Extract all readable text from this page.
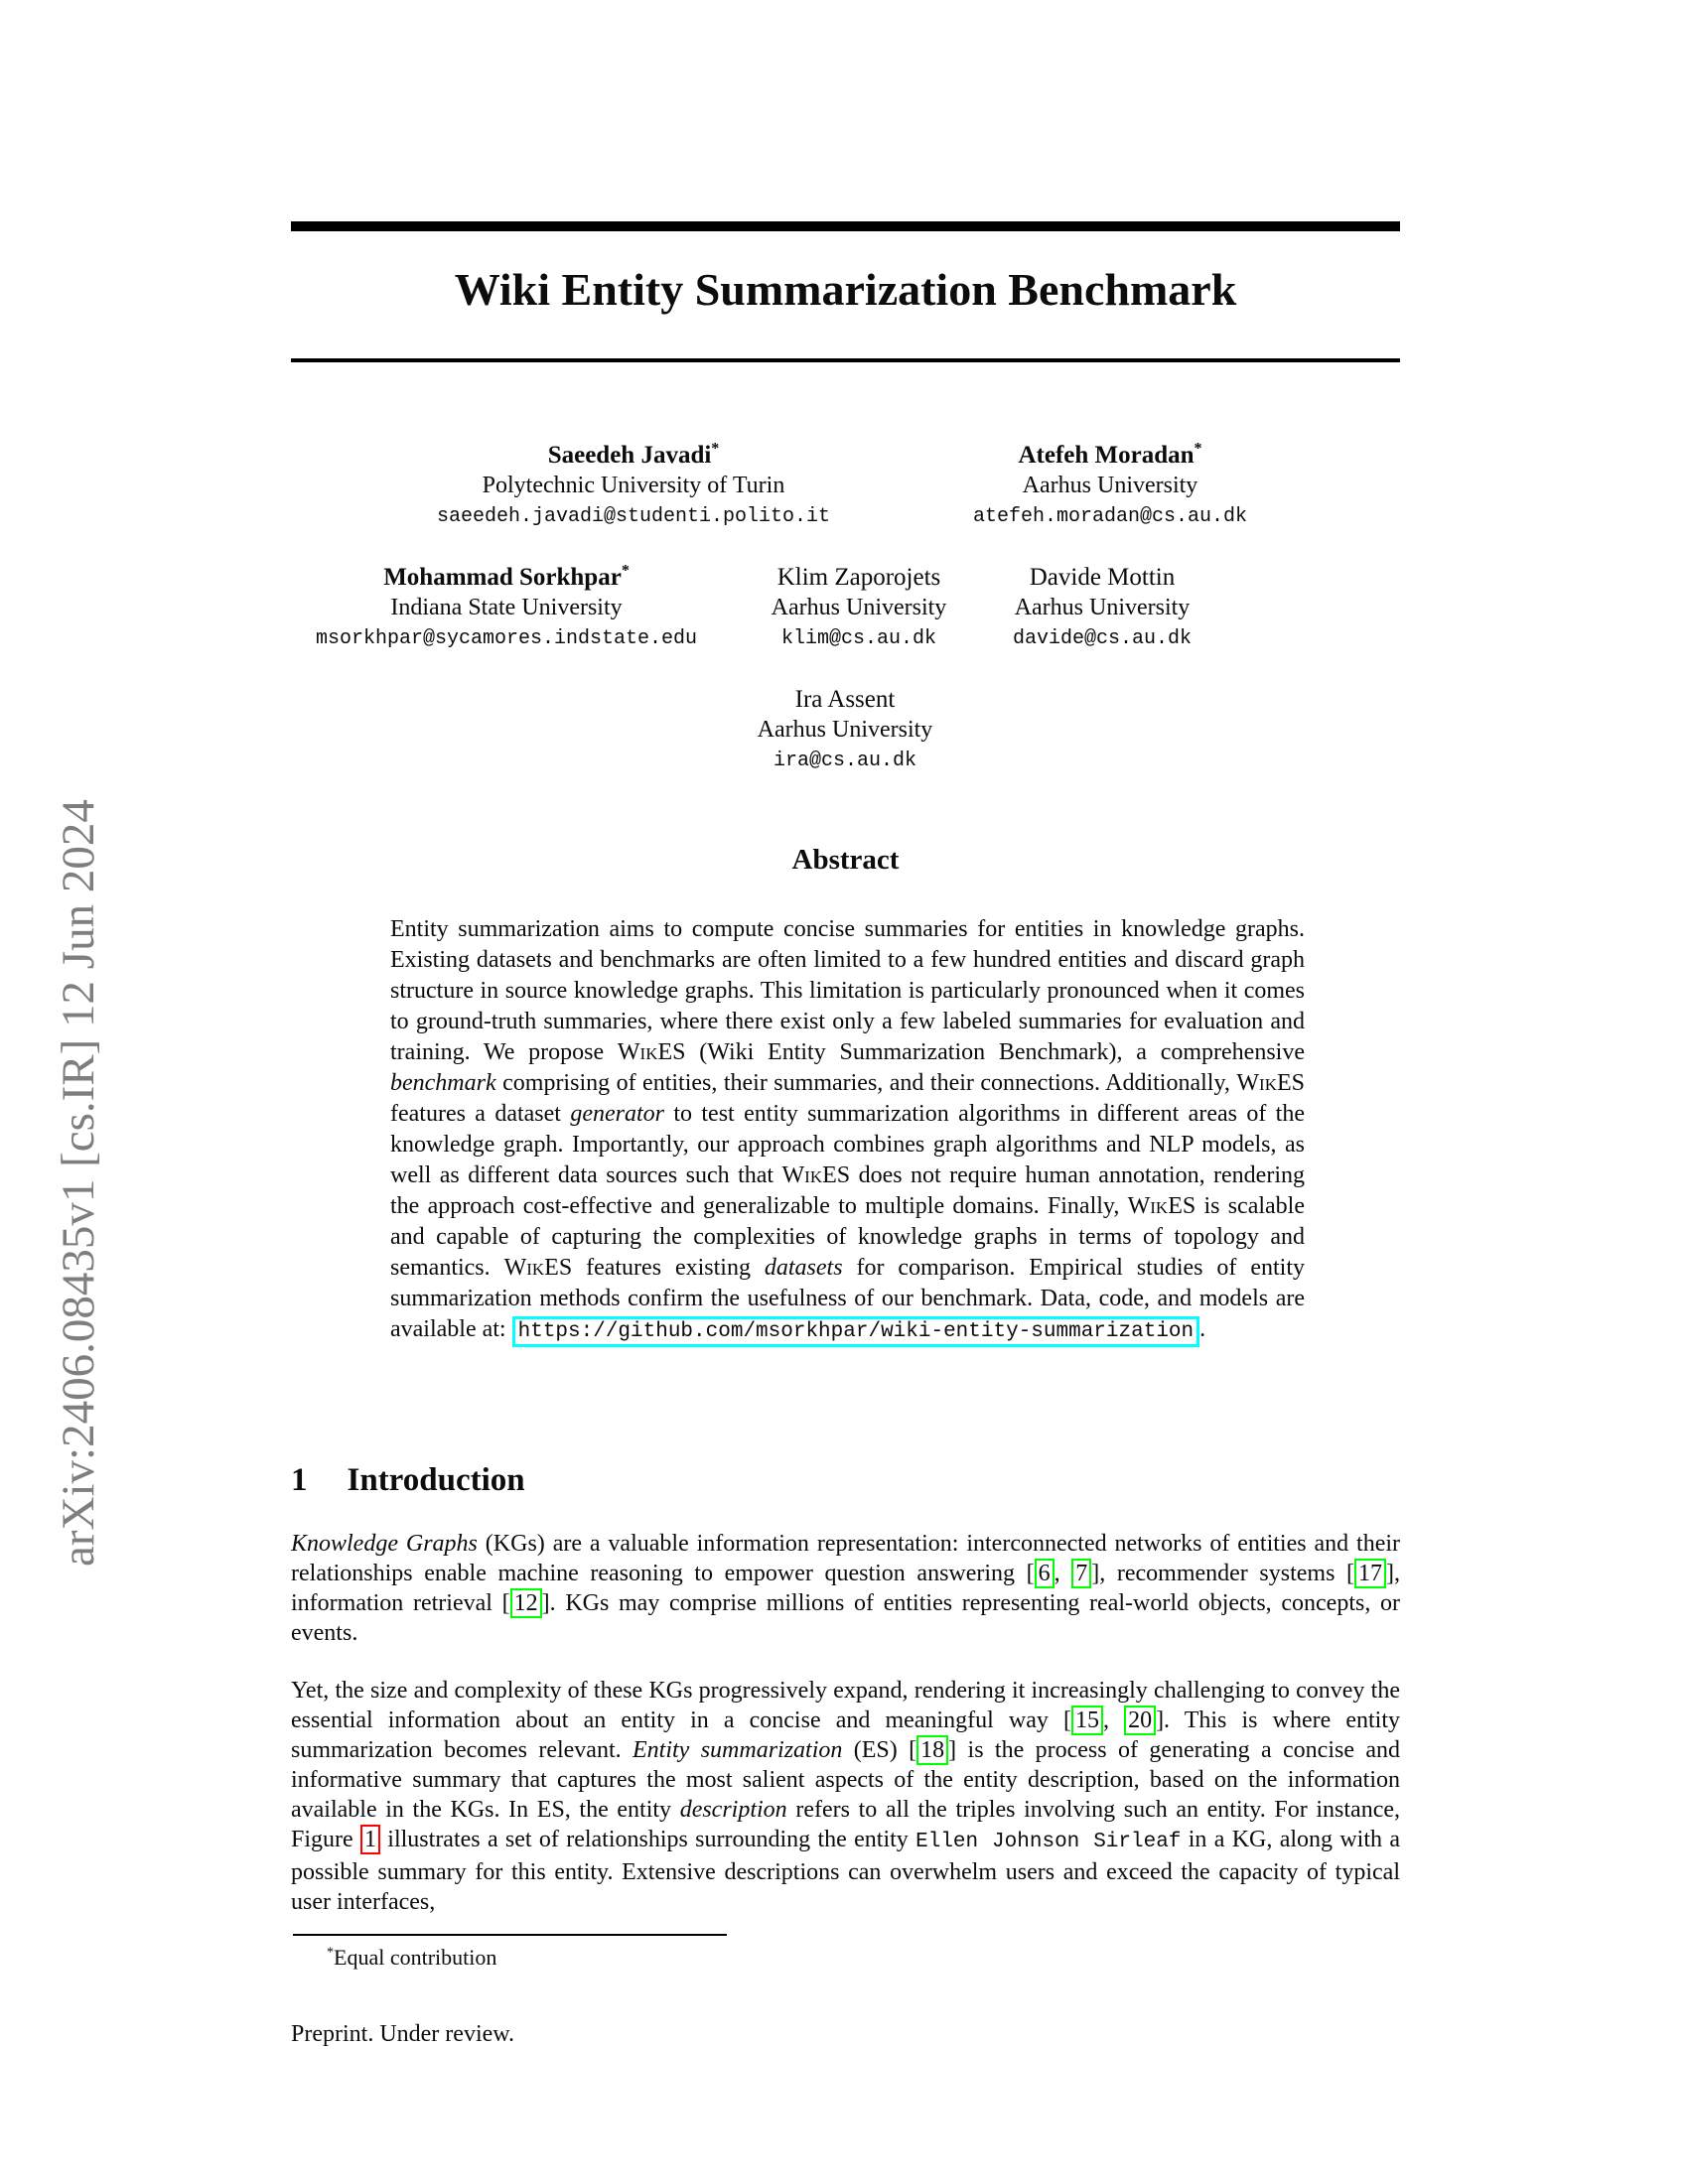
arXiv:2406.08435v1 [cs.IR] 12 Jun 2024
Wiki Entity Summarization Benchmark
Saeedeh Javadi*
Polytechnic University of Turin
saeedeh.javadi@studenti.polito.it
Atefeh Moradan*
Aarhus University
atefeh.moradan@cs.au.dk
Mohammad Sorkhpar*
Indiana State University
msorkhpar@sycamores.indstate.edu
Klim Zaporojets
Aarhus University
klim@cs.au.dk
Davide Mottin
Aarhus University
davide@cs.au.dk
Ira Assent
Aarhus University
ira@cs.au.dk
Abstract

Entity summarization aims to compute concise summaries for entities in knowledge graphs. Existing datasets and benchmarks are often limited to a few hundred entities and discard graph structure in source knowledge graphs. This limitation is particularly pronounced when it comes to ground-truth summaries, where there exist only a few labeled summaries for evaluation and training. We propose WikES (Wiki Entity Summarization Benchmark), a comprehensive benchmark comprising of entities, their summaries, and their connections. Additionally, WikES features a dataset generator to test entity summarization algorithms in different areas of the knowledge graph. Importantly, our approach combines graph algorithms and NLP models, as well as different data sources such that WikES does not require human annotation, rendering the approach cost-effective and generalizable to multiple domains. Finally, WikES is scalable and capable of capturing the complexities of knowledge graphs in terms of topology and semantics. WikES features existing datasets for comparison. Empirical studies of entity summarization methods confirm the usefulness of our benchmark. Data, code, and models are available at: https://github.com/msorkhpar/wiki-entity-summarization .

1 Introduction

Knowledge Graphs (KGs) are a valuable information representation: interconnected networks of entities and their relationships enable machine reasoning to empower question answering [ 6 , 7 ], recommender systems [ 17 ], information retrieval [ 12 ]. KGs may comprise millions of entities representing real-world objects, concepts, or events.

Yet, the size and complexity of these KGs progressively expand, rendering it increasingly challenging to convey the essential information about an entity in a concise and meaningful way [ 15 , 20 ]. This is where entity summarization becomes relevant. Entity summarization (ES) [ 18 ] is the process of generating a concise and informative summary that captures the most salient aspects of the entity description, based on the information available in the KGs. In ES, the entity description refers to all the triples involving such an entity. For instance, Figure 1 illustrates a set of relationships surrounding the entity Ellen Johnson Sirleaf in a KG, along with a possible summary for this entity. Extensive descriptions can overwhelm users and exceed the capacity of typical user interfaces,

*Equal contribution
Preprint. Under review.
